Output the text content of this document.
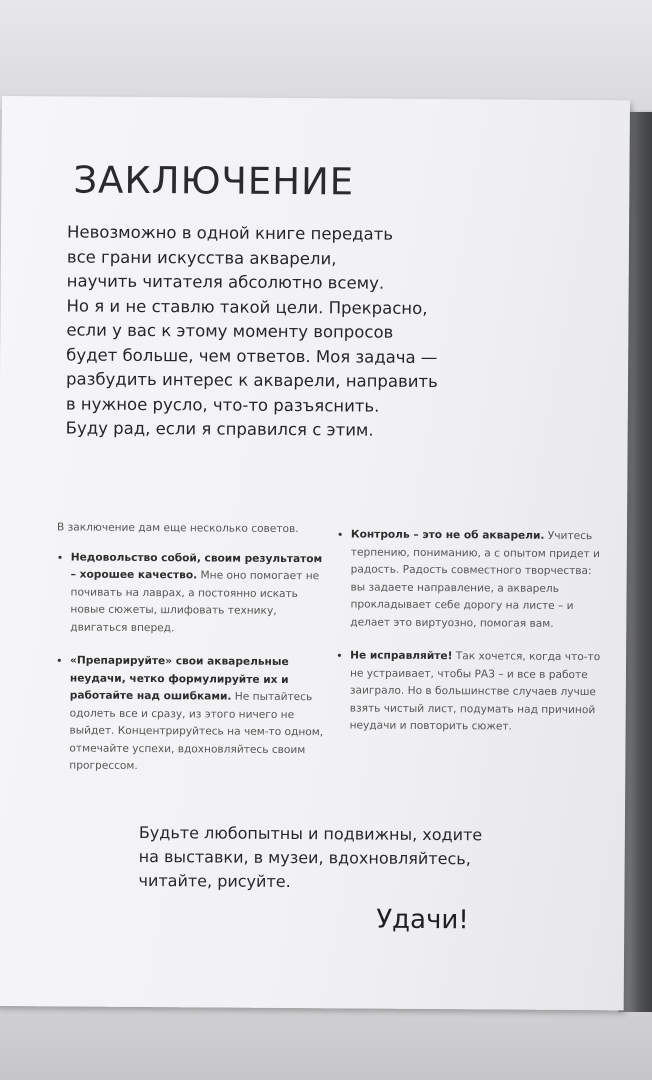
ЗАКЛЮЧЕНИЕ
Невозможно в одной книге передать
все грани искусства акварели,
научить читателя абсолютно всему.
Но я и не ставлю такой цели. Прекрасно,
если у вас к этому моменту вопросов
будет больше, чем ответов. Моя задача —
разбудить интерес к акварели, направить
в нужное русло, что-то разъяснить.
Буду рад, если я справился с этим.
В заключение дам еще несколько советов.
• Недовольство собой, своим результатом – хорошее качество. Мне оно помогает не почивать на лаврах, а постоянно искать новые сюжеты, шлифовать технику, двигаться вперед.
• «Препарируйте» свои акварельные неудачи, четко формулируйте их и работайте над ошибками. Не пытайтесь одолеть все и сразу, из этого ничего не выйдет. Концентрируйтесь на чем-то одном, отмечайте успехи, вдохновляйтесь своим прогрессом.
• Контроль – это не об акварели. Учитесь терпению, пониманию, а с опытом придет и радость. Радость совместного творчества: вы задаете направление, а акварель прокладывает себе дорогу на листе – и делает это виртуозно, помогая вам.
• Не исправляйте! Так хочется, когда что-то не устраивает, чтобы РАЗ – и все в работе заиграло. Но в большинстве случаев лучше взять чистый лист, подумать над причиной неудачи и повторить сюжет.
Будьте любопытны и подвижны, ходите
на выставки, в музеи, вдохновляйтесь,
читайте, рисуйте.

Удачи!
